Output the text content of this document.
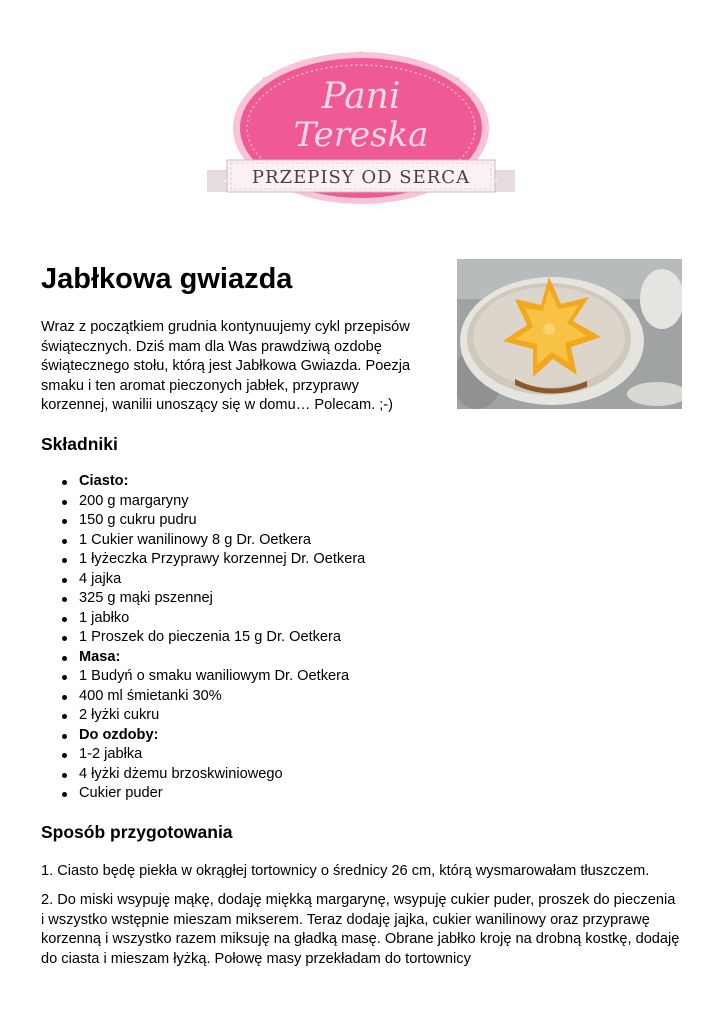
Pani
Tereska
PRZEPISY OD SERCA
Jabłkowa gwiazda

Wraz z początkiem grudnia kontynuujemy cykl przepisów świątecznych. Dziś mam dla Was prawdziwą ozdobę świątecznego stołu, którą jest Jabłkowa Gwiazda. Poezja smaku i ten aromat pieczonych jabłek, przyprawy korzennej, wanilii unoszący się w domu… Polecam. ;-)

Składniki
Ciasto:
200 g margaryny
150 g cukru pudru
1 Cukier wanilinowy 8 g Dr. Oetkera
1 łyżeczka Przyprawy korzennej Dr. Oetkera
4 jajka
325 g mąki pszennej
1 jabłko
1 Proszek do pieczenia 15 g Dr. Oetkera
Masa:
1 Budyń o smaku waniliowym Dr. Oetkera
400 ml śmietanki 30%
2 łyżki cukru
Do ozdoby:
1-2 jabłka
4 łyżki dżemu brzoskwiniowego
Cukier puder
Sposób przygotowania

1. Ciasto będę piekła w okrągłej tortownicy o średnicy 26 cm, którą wysmarowałam tłuszczem.

2. Do miski wsypuję mąkę, dodaję miękką margarynę, wsypuję cukier puder, proszek do pieczenia i wszystko wstępnie mieszam mikserem. Teraz dodaję jajka, cukier wanilinowy oraz przyprawę korzenną i wszystko razem miksuję na gładką masę. Obrane jabłko kroję na drobną kostkę, dodaję do ciasta i mieszam łyżką. Połowę masy przekładam do tortownicy
